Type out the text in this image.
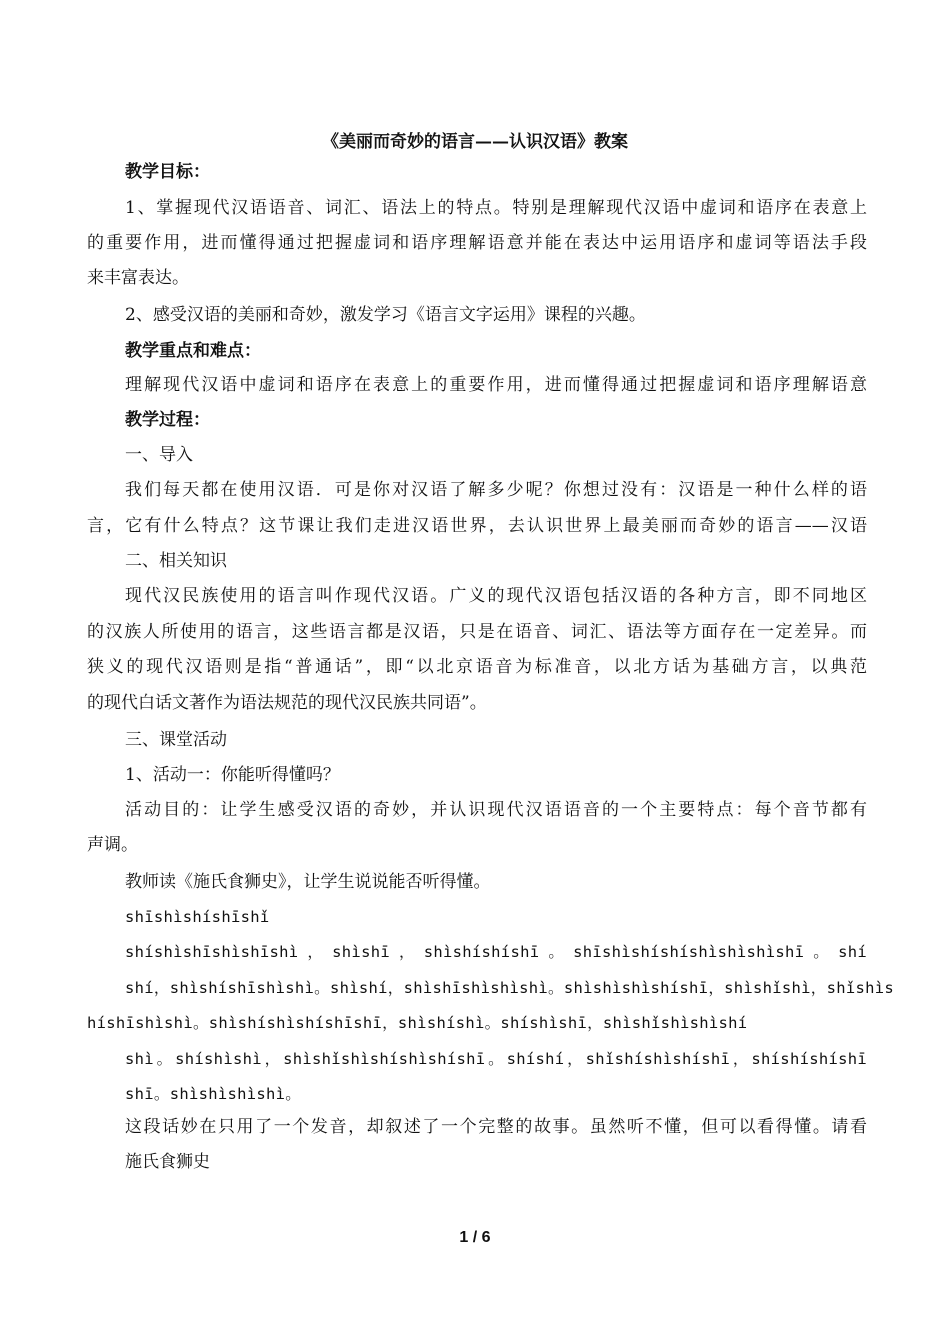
《美丽而奇妙的语言——认识汉语》教案
教学目标：
1、掌握现代汉语语音、词汇、语法上的特点。特别是理解现代汉语中虚词和语序在表意上
的重要作用，进而懂得通过把握虚词和语序理解语意并能在表达中运用语序和虚词等语法手段
来丰富表达。
2、感受汉语的美丽和奇妙，激发学习《语言文字运用》课程的兴趣。
教学重点和难点：
理解现代汉语中虚词和语序在表意上的重要作用，进而懂得通过把握虚词和语序理解语意
教学过程：
一、导入
我们每天都在使用汉语．可是你对汉语了解多少呢？你想过没有：汉语是一种什么样的语
言，它有什么特点？这节课让我们走进汉语世界，去认识世界上最美丽而奇妙的语言——汉语
二、相关知识
现代汉民族使用的语言叫作现代汉语。广义的现代汉语包括汉语的各种方言，即不同地区
的汉族人所使用的语言，这些语言都是汉语，只是在语音、词汇、语法等方面存在一定差异。而
狭义的现代汉语则是指“普通话”，即“以北京语音为标准音，以北方话为基础方言，以典范
的现代白话文著作为语法规范的现代汉民族共同语”。
三、课堂活动
1、活动一：你能听得懂吗？
活动目的：让学生感受汉语的奇妙，并认识现代汉语语音的一个主要特点：每个音节都有
声调。
教师读《施氏食狮史》，让学生说说能否听得懂。
shīshìshíshīshǐ
shíshìshīshìshīshì，shìshī，shìshíshíshī。shīshìshíshíshìshìshìshī。shí
shí，shìshíshīshìshì。shìshí，shìshīshìshìshì。shìshìshìshíshī，shìshǐshì，shǐshìs
híshīshìshì。shìshíshìshíshīshī，shìshíshì。shíshìshī，shìshǐshìshìshí
shì。shíshìshì，shìshǐshìshíshìshíshī。shíshí，shǐshíshìshíshī，shíshíshíshī
shī。shìshìshìshì。
这段话妙在只用了一个发音，却叙述了一个完整的故事。虽然听不懂，但可以看得懂。请看
施氏食狮史
1 / 6
